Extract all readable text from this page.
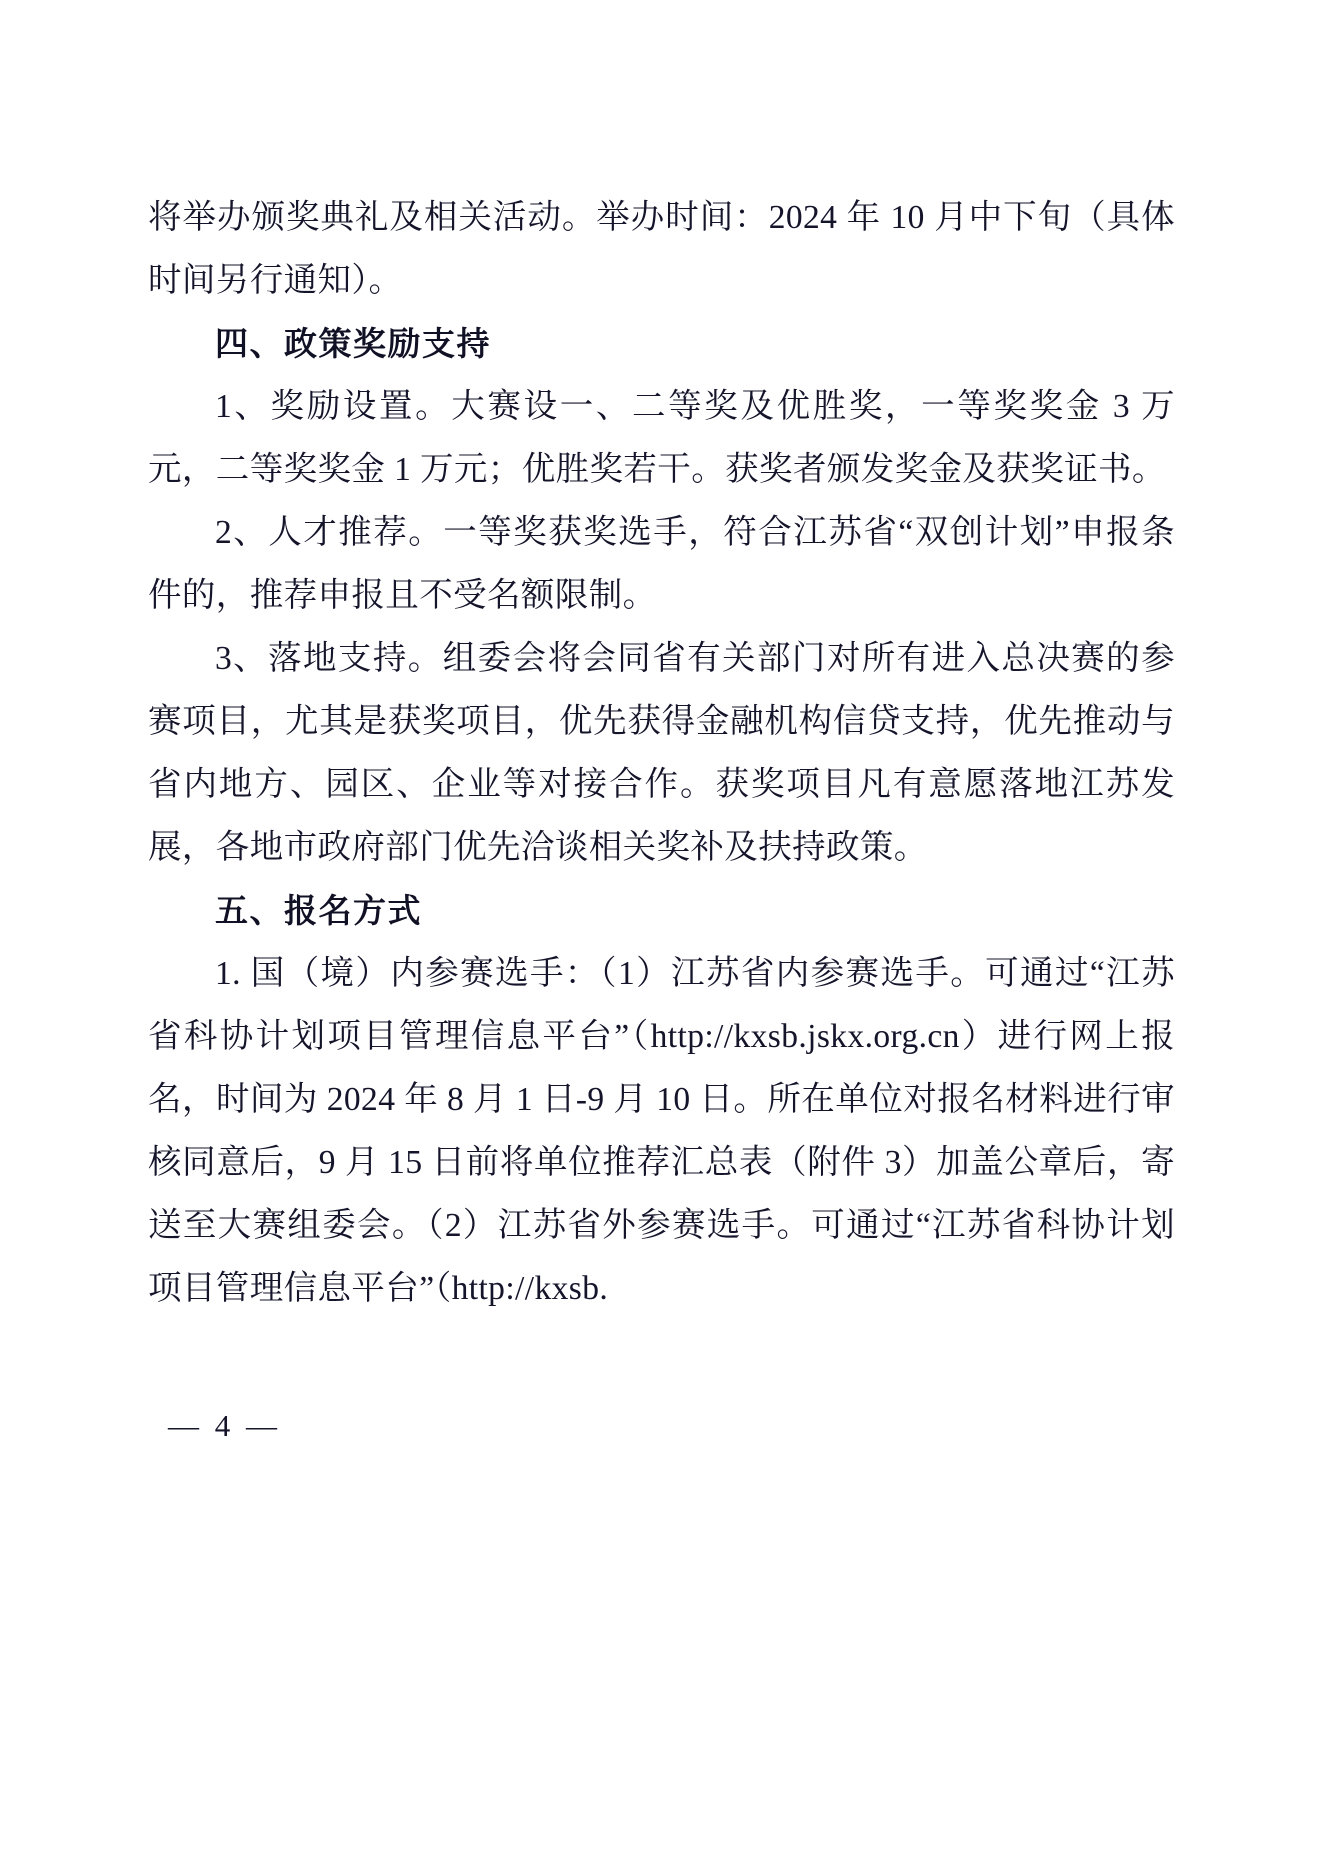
将举办颁奖典礼及相关活动。举办时间：2024 年 10 月中下旬（具体时间另行通知）。

四、政策奖励支持

1、奖励设置。大赛设一、二等奖及优胜奖，一等奖奖金 3 万元，二等奖奖金 1 万元；优胜奖若干。获奖者颁发奖金及获奖证书。

2、人才推荐。一等奖获奖选手，符合江苏省“双创计划”申报条件的，推荐申报且不受名额限制。

3、落地支持。组委会将会同省有关部门对所有进入总决赛的参赛项目，尤其是获奖项目，优先获得金融机构信贷支持，优先推动与省内地方、园区、企业等对接合作。获奖项目凡有意愿落地江苏发展，各地市政府部门优先洽谈相关奖补及扶持政策。

五、报名方式

1. 国（境）内参赛选手：（1）江苏省内参赛选手。可通过“江苏省科协计划项目管理信息平台”（http://kxsb.jskx.org.cn）进行网上报名，时间为 2024 年 8 月 1 日-9 月 10 日。所在单位对报名材料进行审核同意后，9 月 15 日前将单位推荐汇总表（附件 3）加盖公章后，寄送至大赛组委会。（2）江苏省外参赛选手。可通过“江苏省科协计划项目管理信息平台”（http://kxsb.

— 4 —
